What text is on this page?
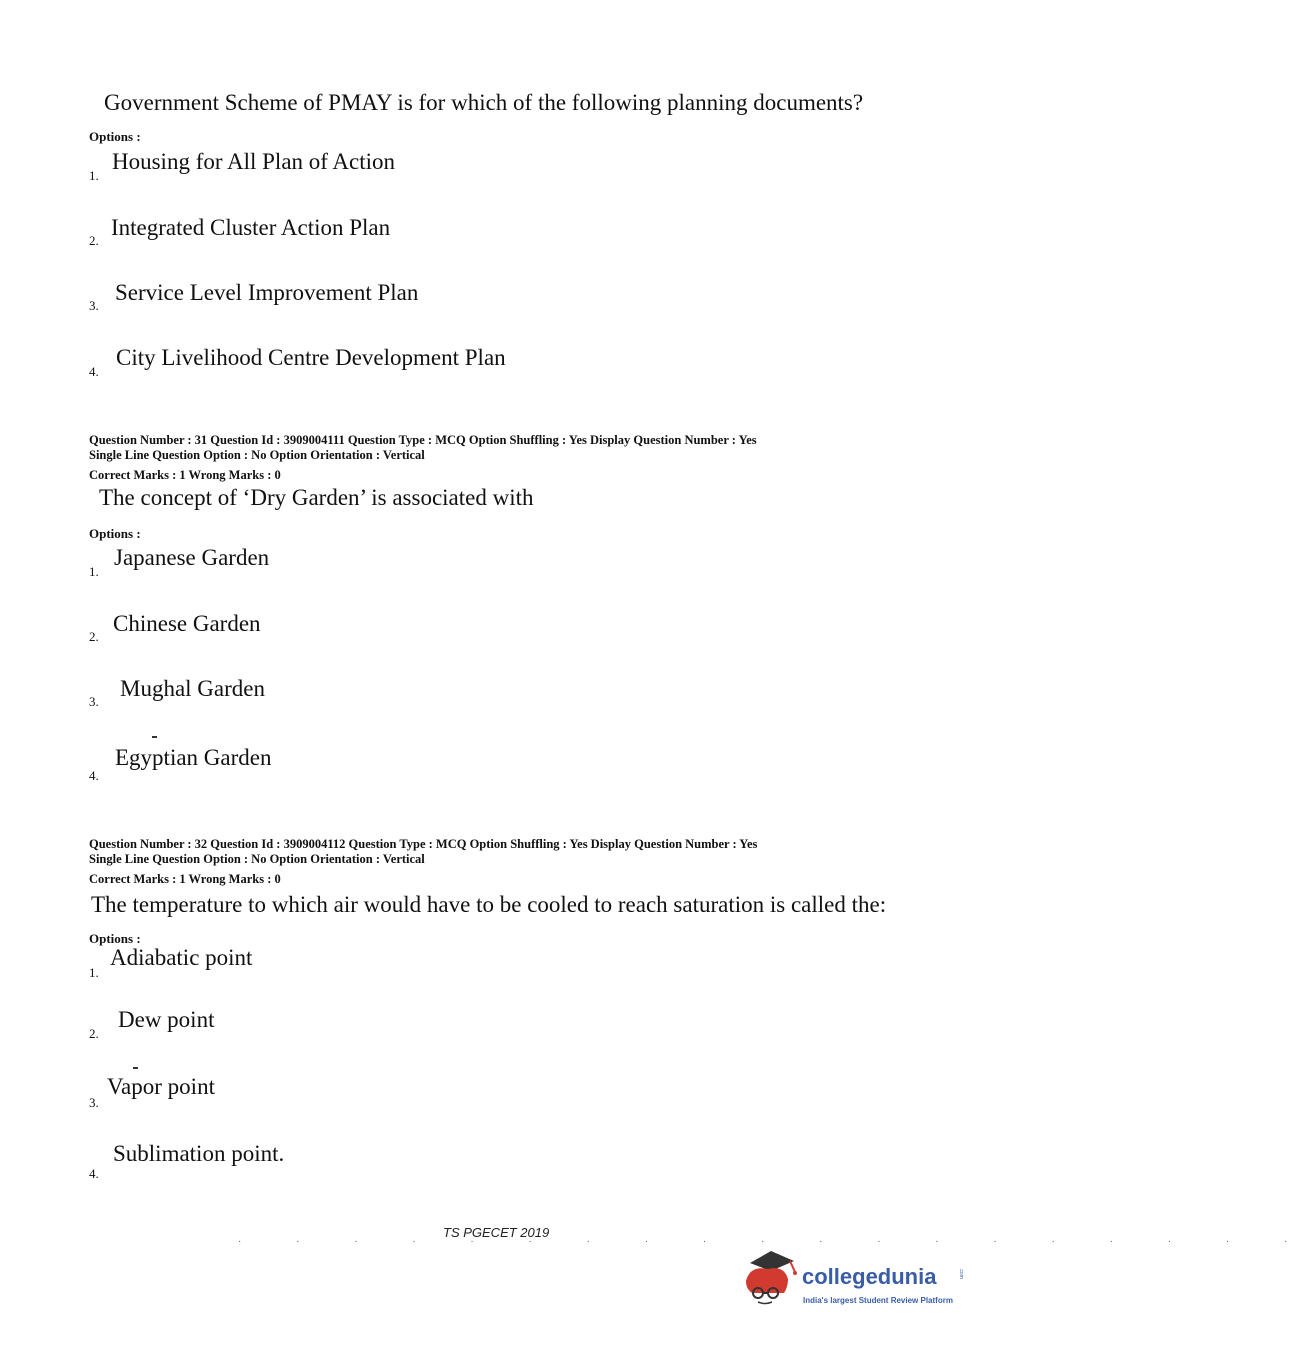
Government Scheme of PMAY is for which of the following planning documents?
Options :
1.
Housing for All Plan of Action
2.
Integrated Cluster Action Plan
3.
Service Level Improvement Plan
4.
City Livelihood Centre Development Plan
Question Number : 31 Question Id : 3909004111 Question Type : MCQ Option Shuffling : Yes Display Question Number : Yes
Single Line Question Option : No Option Orientation : Vertical
Correct Marks : 1 Wrong Marks : 0
The concept of ‘Dry Garden’ is associated with
Options :
1.
Japanese Garden
2.
Chinese Garden
3.
Mughal Garden
4.
Egyptian Garden
Question Number : 32 Question Id : 3909004112 Question Type : MCQ Option Shuffling : Yes Display Question Number : Yes
Single Line Question Option : No Option Orientation : Vertical
Correct Marks : 1 Wrong Marks : 0
The temperature to which air would have to be cooled to reach saturation is called the:
Options :
1.
Adiabatic point
2.
Dew point
3.
Vapor point
4.
Sublimation point.
TS PGECET 2019
· · · · · · · · · · · · · · · · · · ·
collegedunia	.com
India's largest Student Review Platform
